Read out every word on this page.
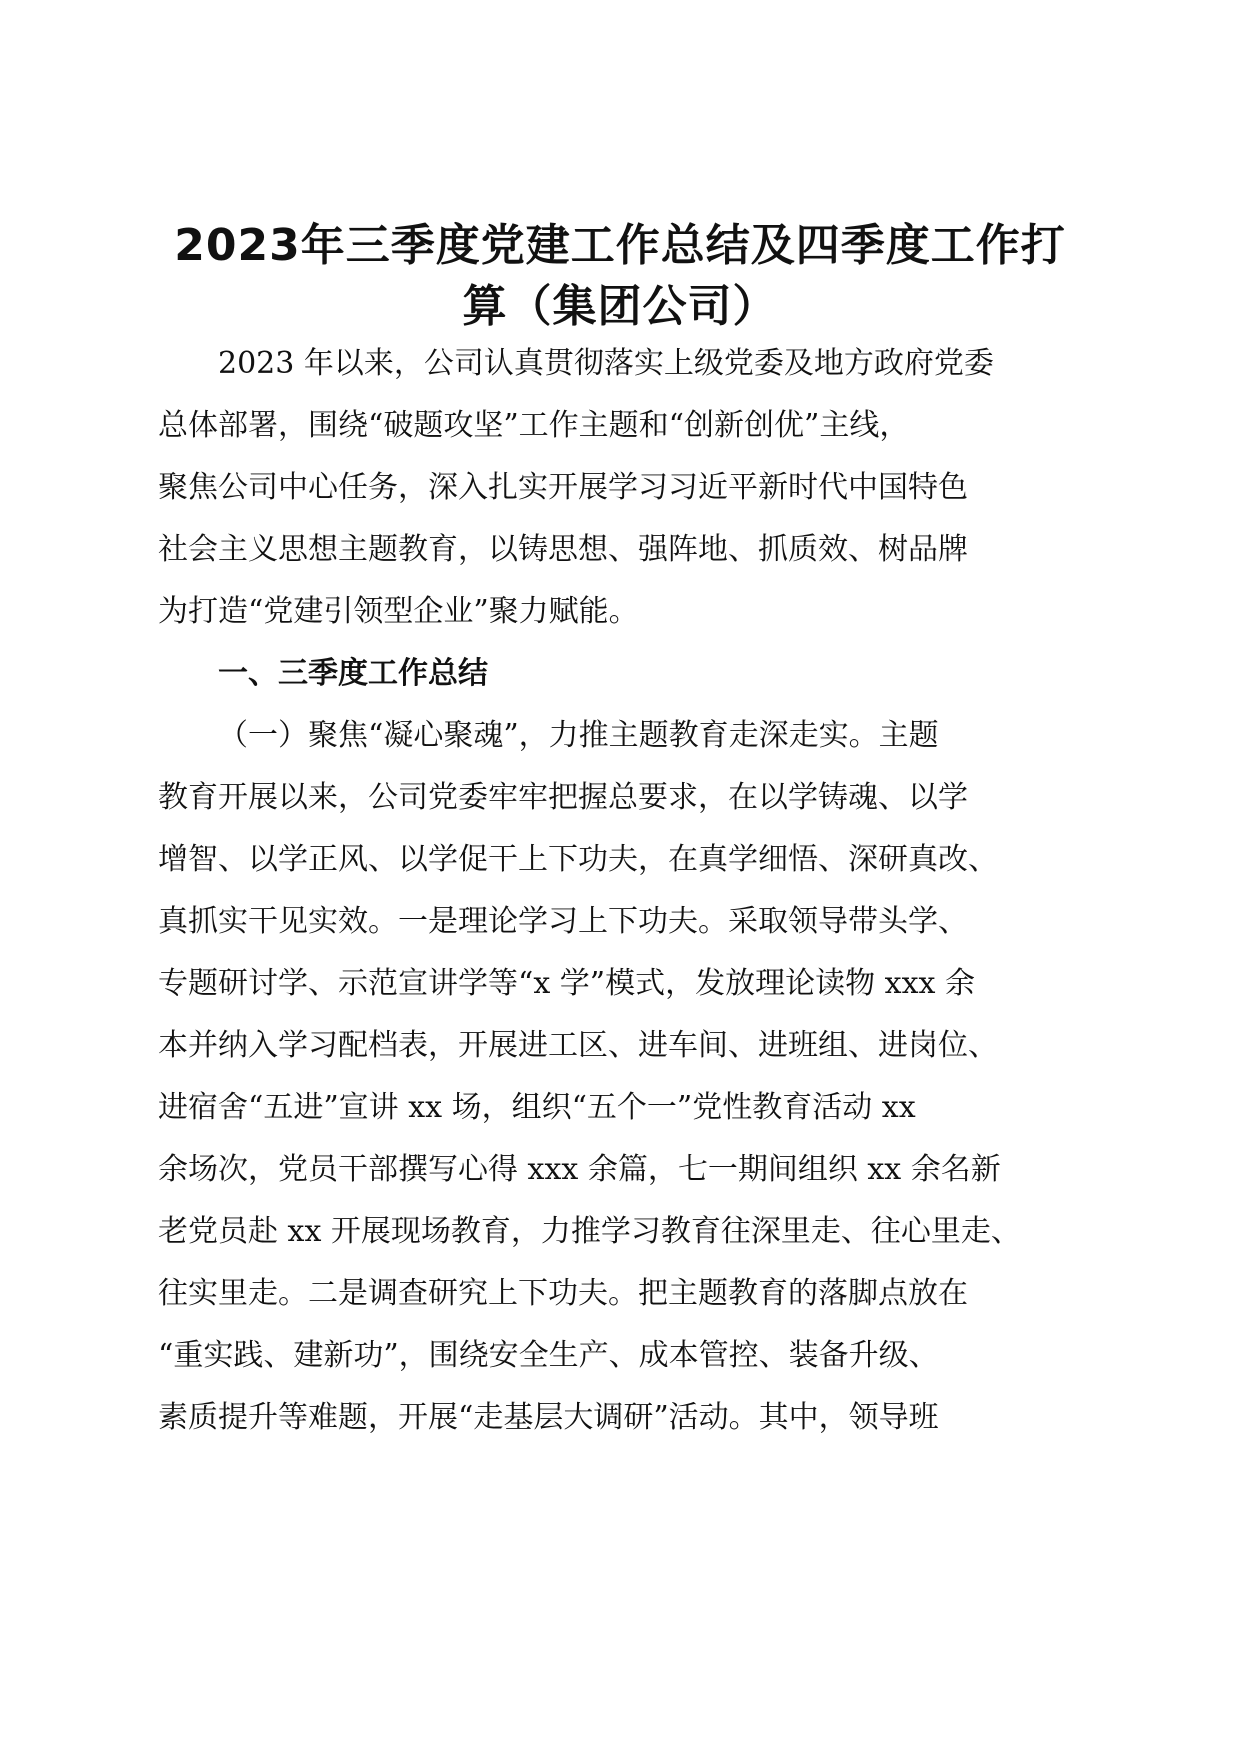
2023年三季度党建工作总结及四季度工作打
算（集团公司）

2023 年以来，公司认真贯彻落实上级党委及地方政府党委

总体部署，围绕“破题攻坚”工作主题和“创新创优”主线，

聚焦公司中心任务，深入扎实开展学习习近平新时代中国特色

社会主义思想主题教育，以铸思想、强阵地、抓质效、树品牌

为打造“党建引领型企业”聚力赋能。

一、三季度工作总结

（一）聚焦“凝心聚魂”，力推主题教育走深走实。主题

教育开展以来，公司党委牢牢把握总要求，在以学铸魂、以学

增智、以学正风、以学促干上下功夫，在真学细悟、深研真改、

真抓实干见实效。一是理论学习上下功夫。采取领导带头学、

专题研讨学、示范宣讲学等“x 学”模式，发放理论读物 xxx 余

本并纳入学习配档表，开展进工区、进车间、进班组、进岗位、

进宿舍“五进”宣讲 xx 场，组织“五个一”党性教育活动 xx

余场次，党员干部撰写心得 xxx 余篇，七一期间组织 xx 余名新

老党员赴 xx 开展现场教育，力推学习教育往深里走、往心里走、

往实里走。二是调查研究上下功夫。把主题教育的落脚点放在

“重实践、建新功”，围绕安全生产、成本管控、装备升级、

素质提升等难题，开展“走基层大调研”活动。其中，领导班
